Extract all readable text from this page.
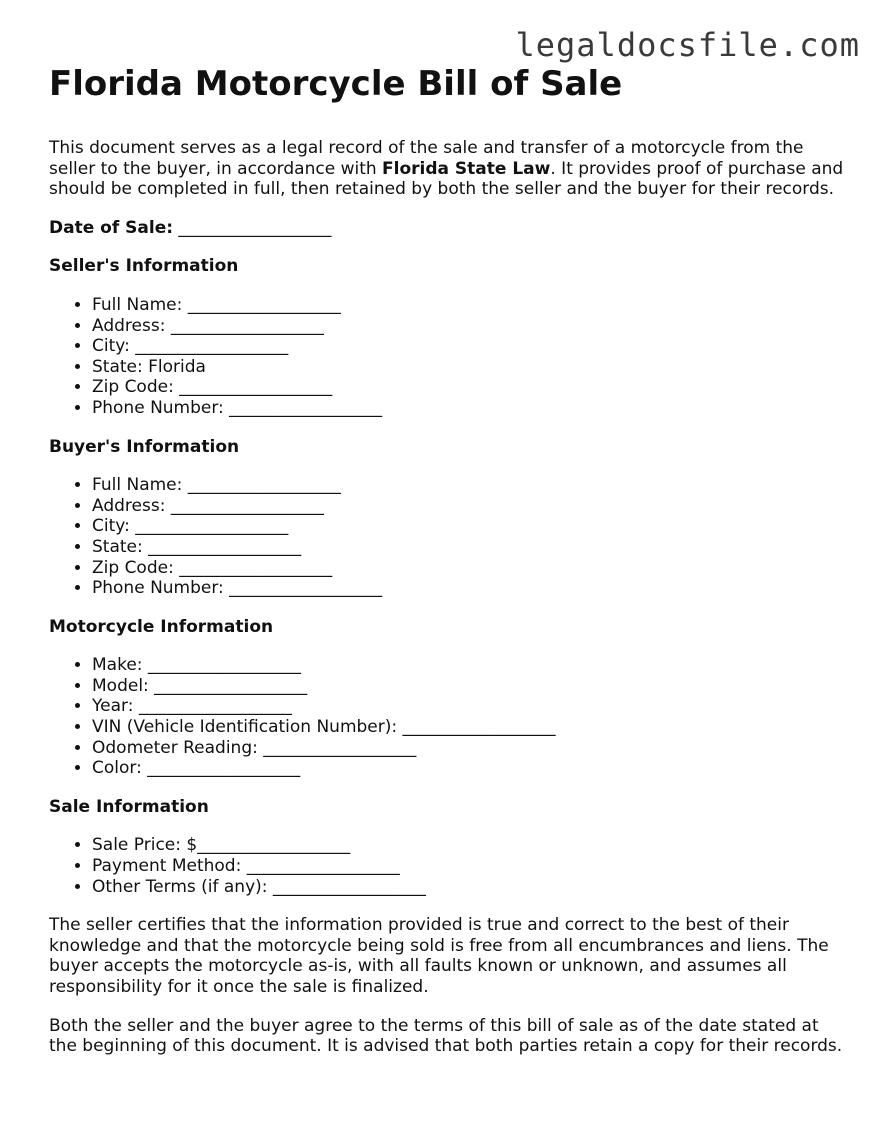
legaldocsfile.com
Florida Motorcycle Bill of Sale

This document serves as a legal record of the sale and transfer of a motorcycle from the seller to the buyer, in accordance with Florida State Law. It provides proof of purchase and should be completed in full, then retained by both the seller and the buyer for their records.

Date of Sale: __________________
Seller's Information
• Full Name: __________________
• Address: __________________
• City: __________________
• State: Florida
• Zip Code: __________________
• Phone Number: __________________
Buyer's Information
• Full Name: __________________
• Address: __________________
• City: __________________
• State: __________________
• Zip Code: __________________
• Phone Number: __________________
Motorcycle Information
• Make: __________________
• Model: __________________
• Year: __________________
• VIN (Vehicle Identification Number): __________________
• Odometer Reading: __________________
• Color: __________________
Sale Information
• Sale Price: $__________________
• Payment Method: __________________
• Other Terms (if any): __________________

The seller certifies that the information provided is true and correct to the best of their knowledge and that the motorcycle being sold is free from all encumbrances and liens. The buyer accepts the motorcycle as-is, with all faults known or unknown, and assumes all responsibility for it once the sale is finalized.

Both the seller and the buyer agree to the terms of this bill of sale as of the date stated at the beginning of this document. It is advised that both parties retain a copy for their records.
